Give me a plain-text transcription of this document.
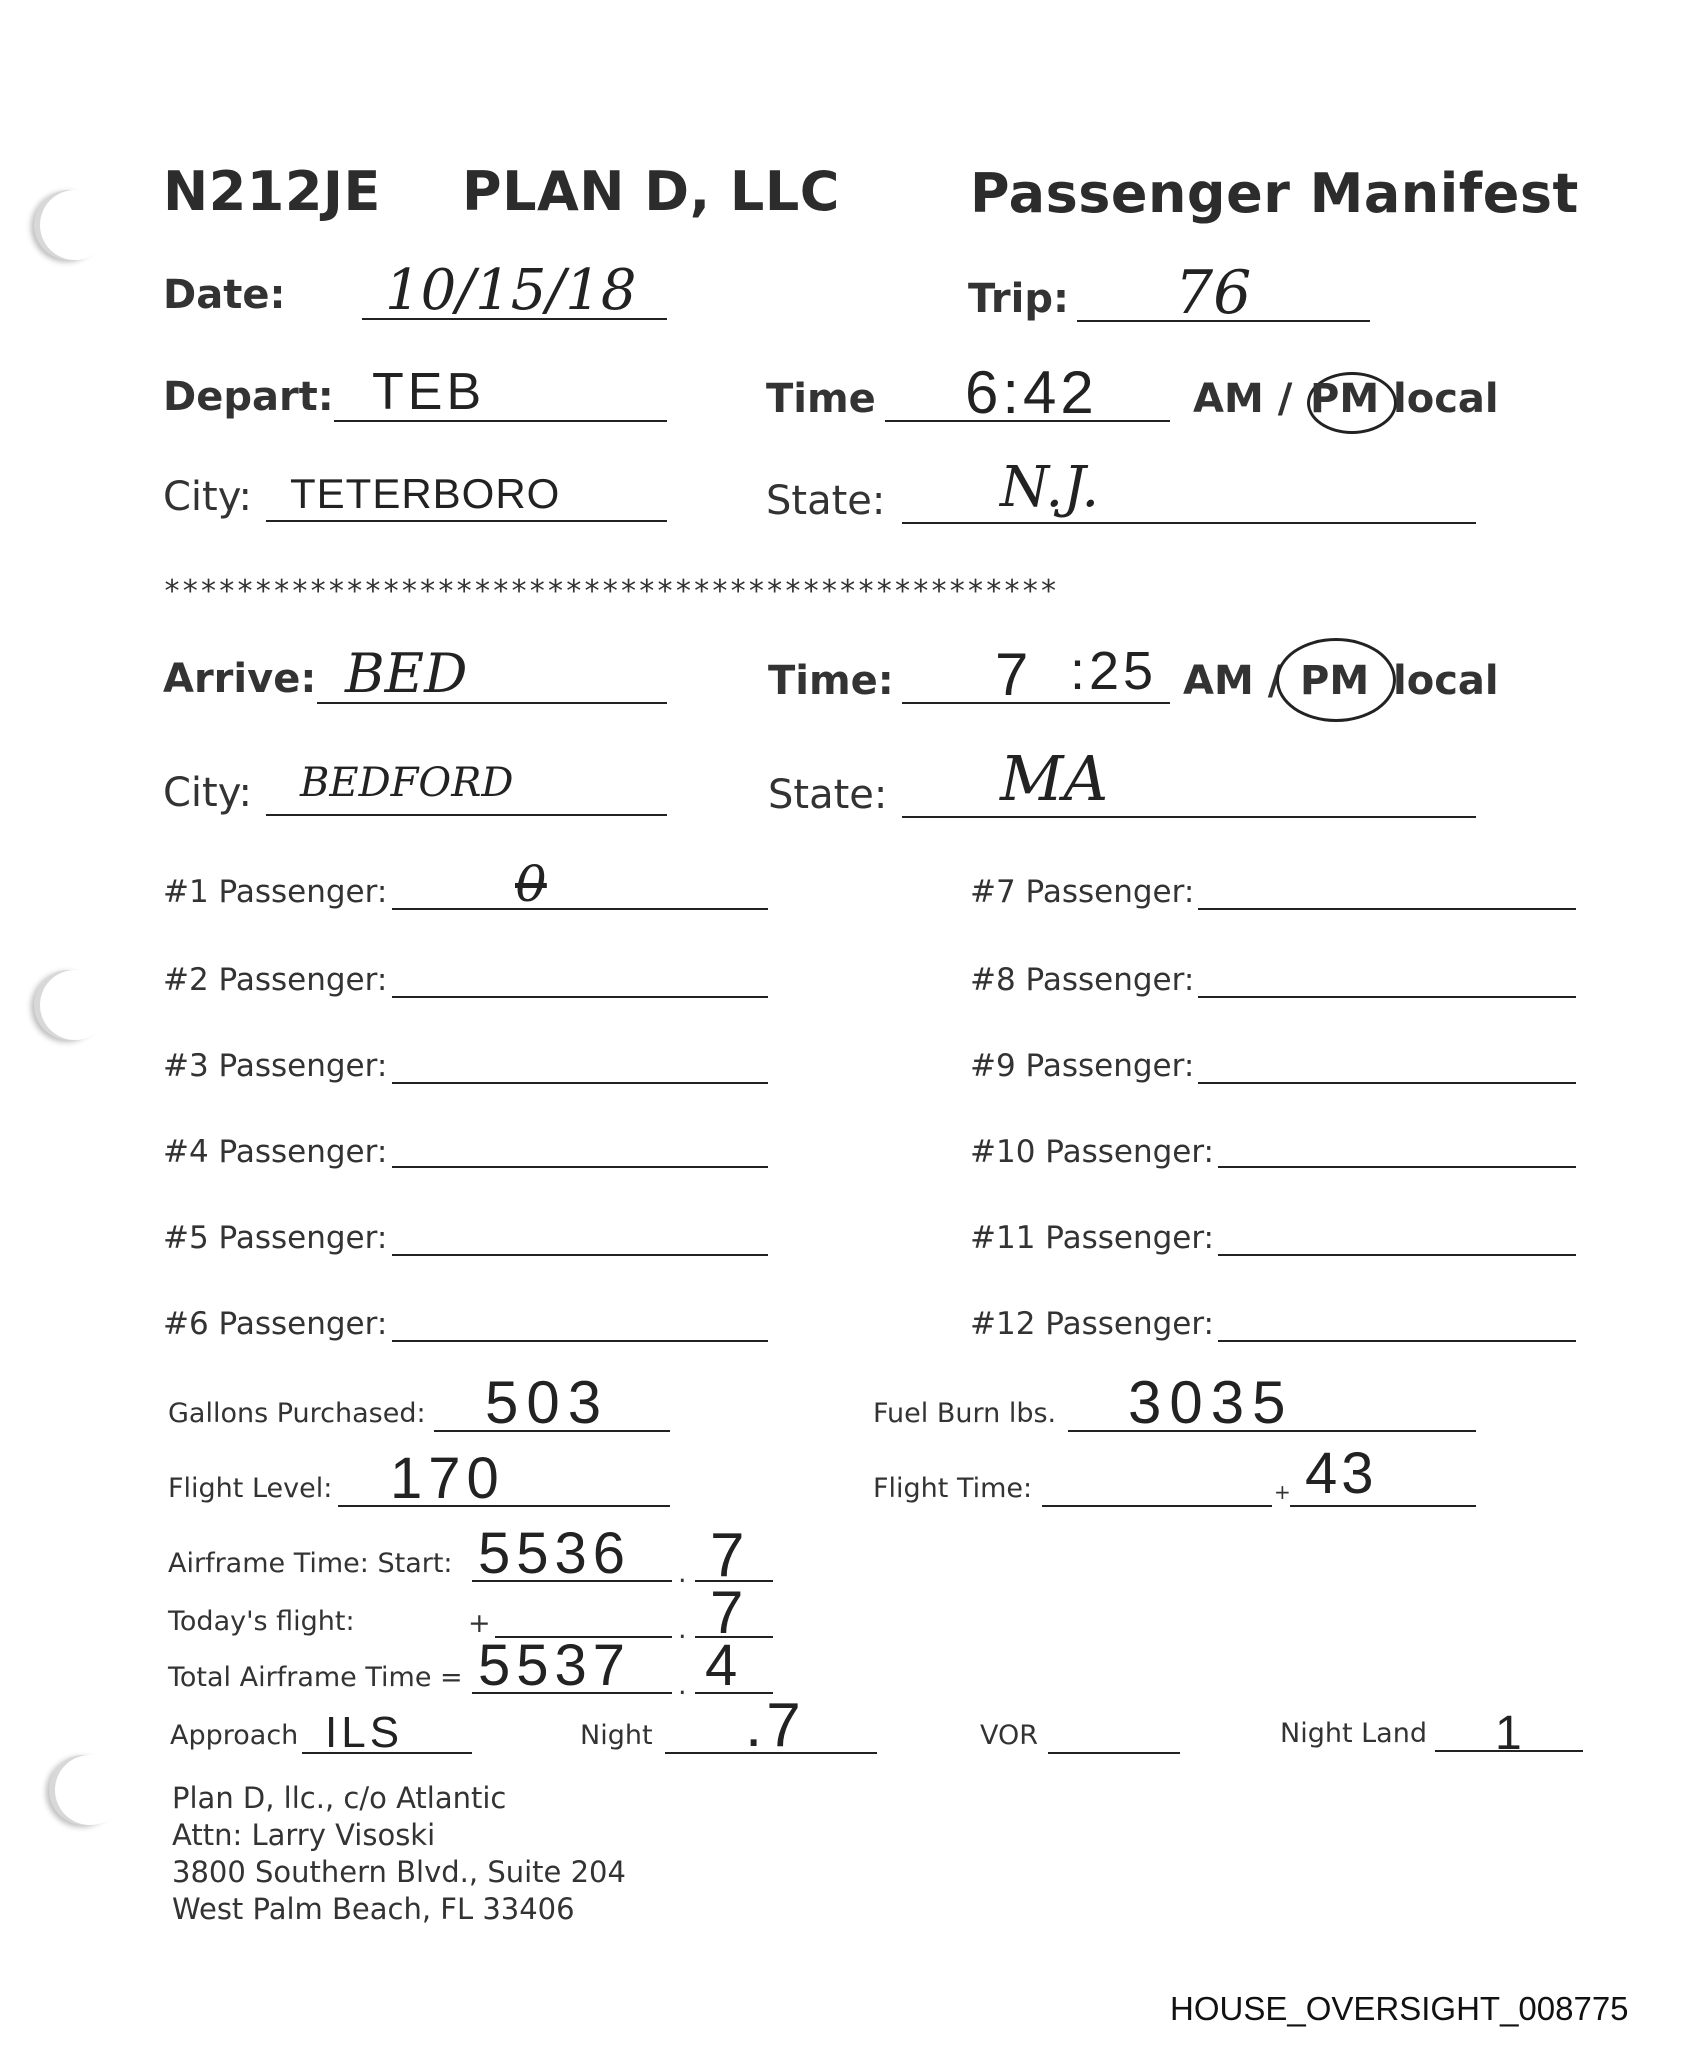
N212JE PLAN D, LLC Passenger Manifest
Date: 10/15/18	Trip: 76
Depart: TEB	Time 6:42 AM / PM local
City: TETERBORO	State: N.J.
*************************************************
Arrive: BED	Time: 7 :25 AM / PM local
City: BEDFORD	State: MA
#1 Passenger:	0
#2 Passenger:
#3 Passenger:
#4 Passenger:
#5 Passenger:
#6 Passenger:
#7 Passenger:
#8 Passenger:
#9 Passenger:
#10 Passenger:
#11 Passenger:
#12 Passenger:
Gallons Purchased: 503	Fuel Burn lbs. 3035
Flight Level: 170	Flight Time:	+ 43
Airframe Time: Start: 5536 . 7
Today's flight:	+	. 7
Total Airframe Time = 5537 . 4
Approach ILS	Night .7	VOR	Night Land 1
Plan D, llc., c/o Atlantic
Attn: Larry Visoski
3800 Southern Blvd., Suite 204
West Palm Beach, FL 33406
HOUSE_OVERSIGHT_008775
